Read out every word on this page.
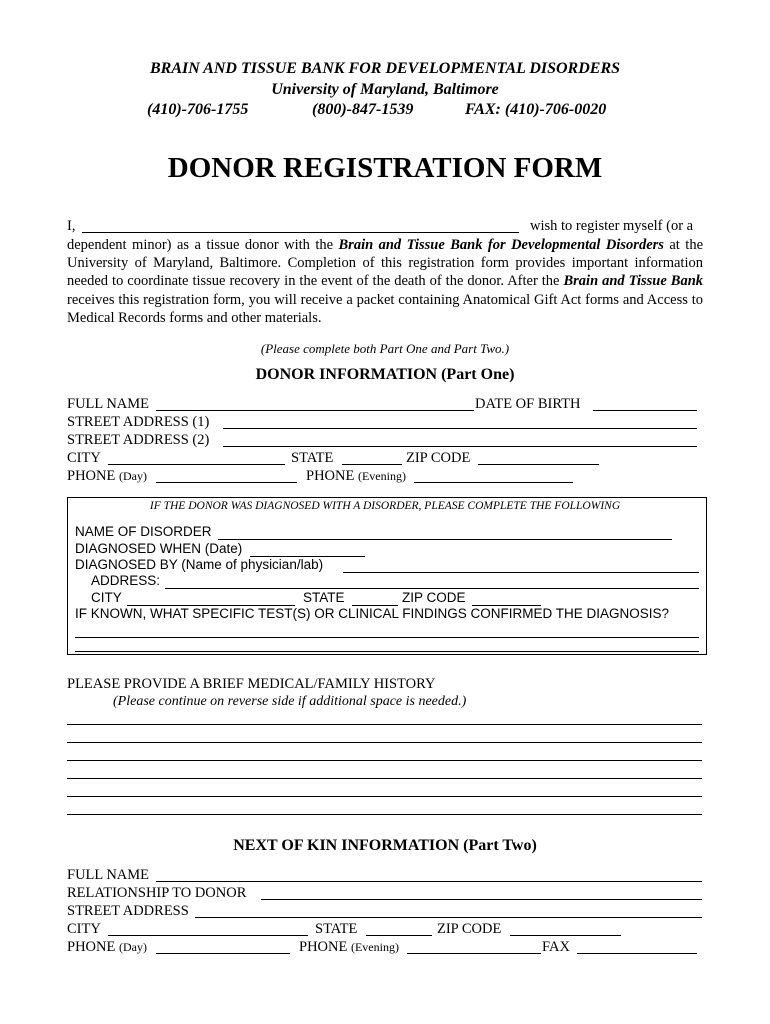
BRAIN AND TISSUE BANK FOR DEVELOPMENTAL DISORDERS
University of Maryland, Baltimore
(410)-706-1755	(800)-847-1539	FAX: (410)-706-0020
DONOR REGISTRATION FORM
I,	wish to register myself (or a
dependent minor) as a tissue donor with the Brain and Tissue Bank for Developmental Disorders at the University of Maryland, Baltimore. Completion of this registration form provides important information needed to coordinate tissue recovery in the event of the death of the donor. After the Brain and Tissue Bank receives this registration form, you will receive a packet containing Anatomical Gift Act forms and Access to Medical Records forms and other materials.
(Please complete both Part One and Part Two.)
DONOR INFORMATION (Part One)
FULL NAME	DATE OF BIRTH
STREET ADDRESS (1)
STREET ADDRESS (2)
CITY	STATE	ZIP CODE
PHONE (Day)	PHONE (Evening)
IF THE DONOR WAS DIAGNOSED WITH A DISORDER, PLEASE COMPLETE THE FOLLOWING
NAME OF DISORDER
DIAGNOSED WHEN (Date)
DIAGNOSED BY (Name of physician/lab)
ADDRESS:
CITY	STATE	ZIP CODE
IF KNOWN, WHAT SPECIFIC TEST(S) OR CLINICAL FINDINGS CONFIRMED THE DIAGNOSIS?
PLEASE PROVIDE A BRIEF MEDICAL/FAMILY HISTORY
(Please continue on reverse side if additional space is needed.)
NEXT OF KIN INFORMATION (Part Two)
FULL NAME
RELATIONSHIP TO DONOR
STREET ADDRESS
CITY	STATE	ZIP CODE
PHONE (Day)	PHONE (Evening)	FAX
